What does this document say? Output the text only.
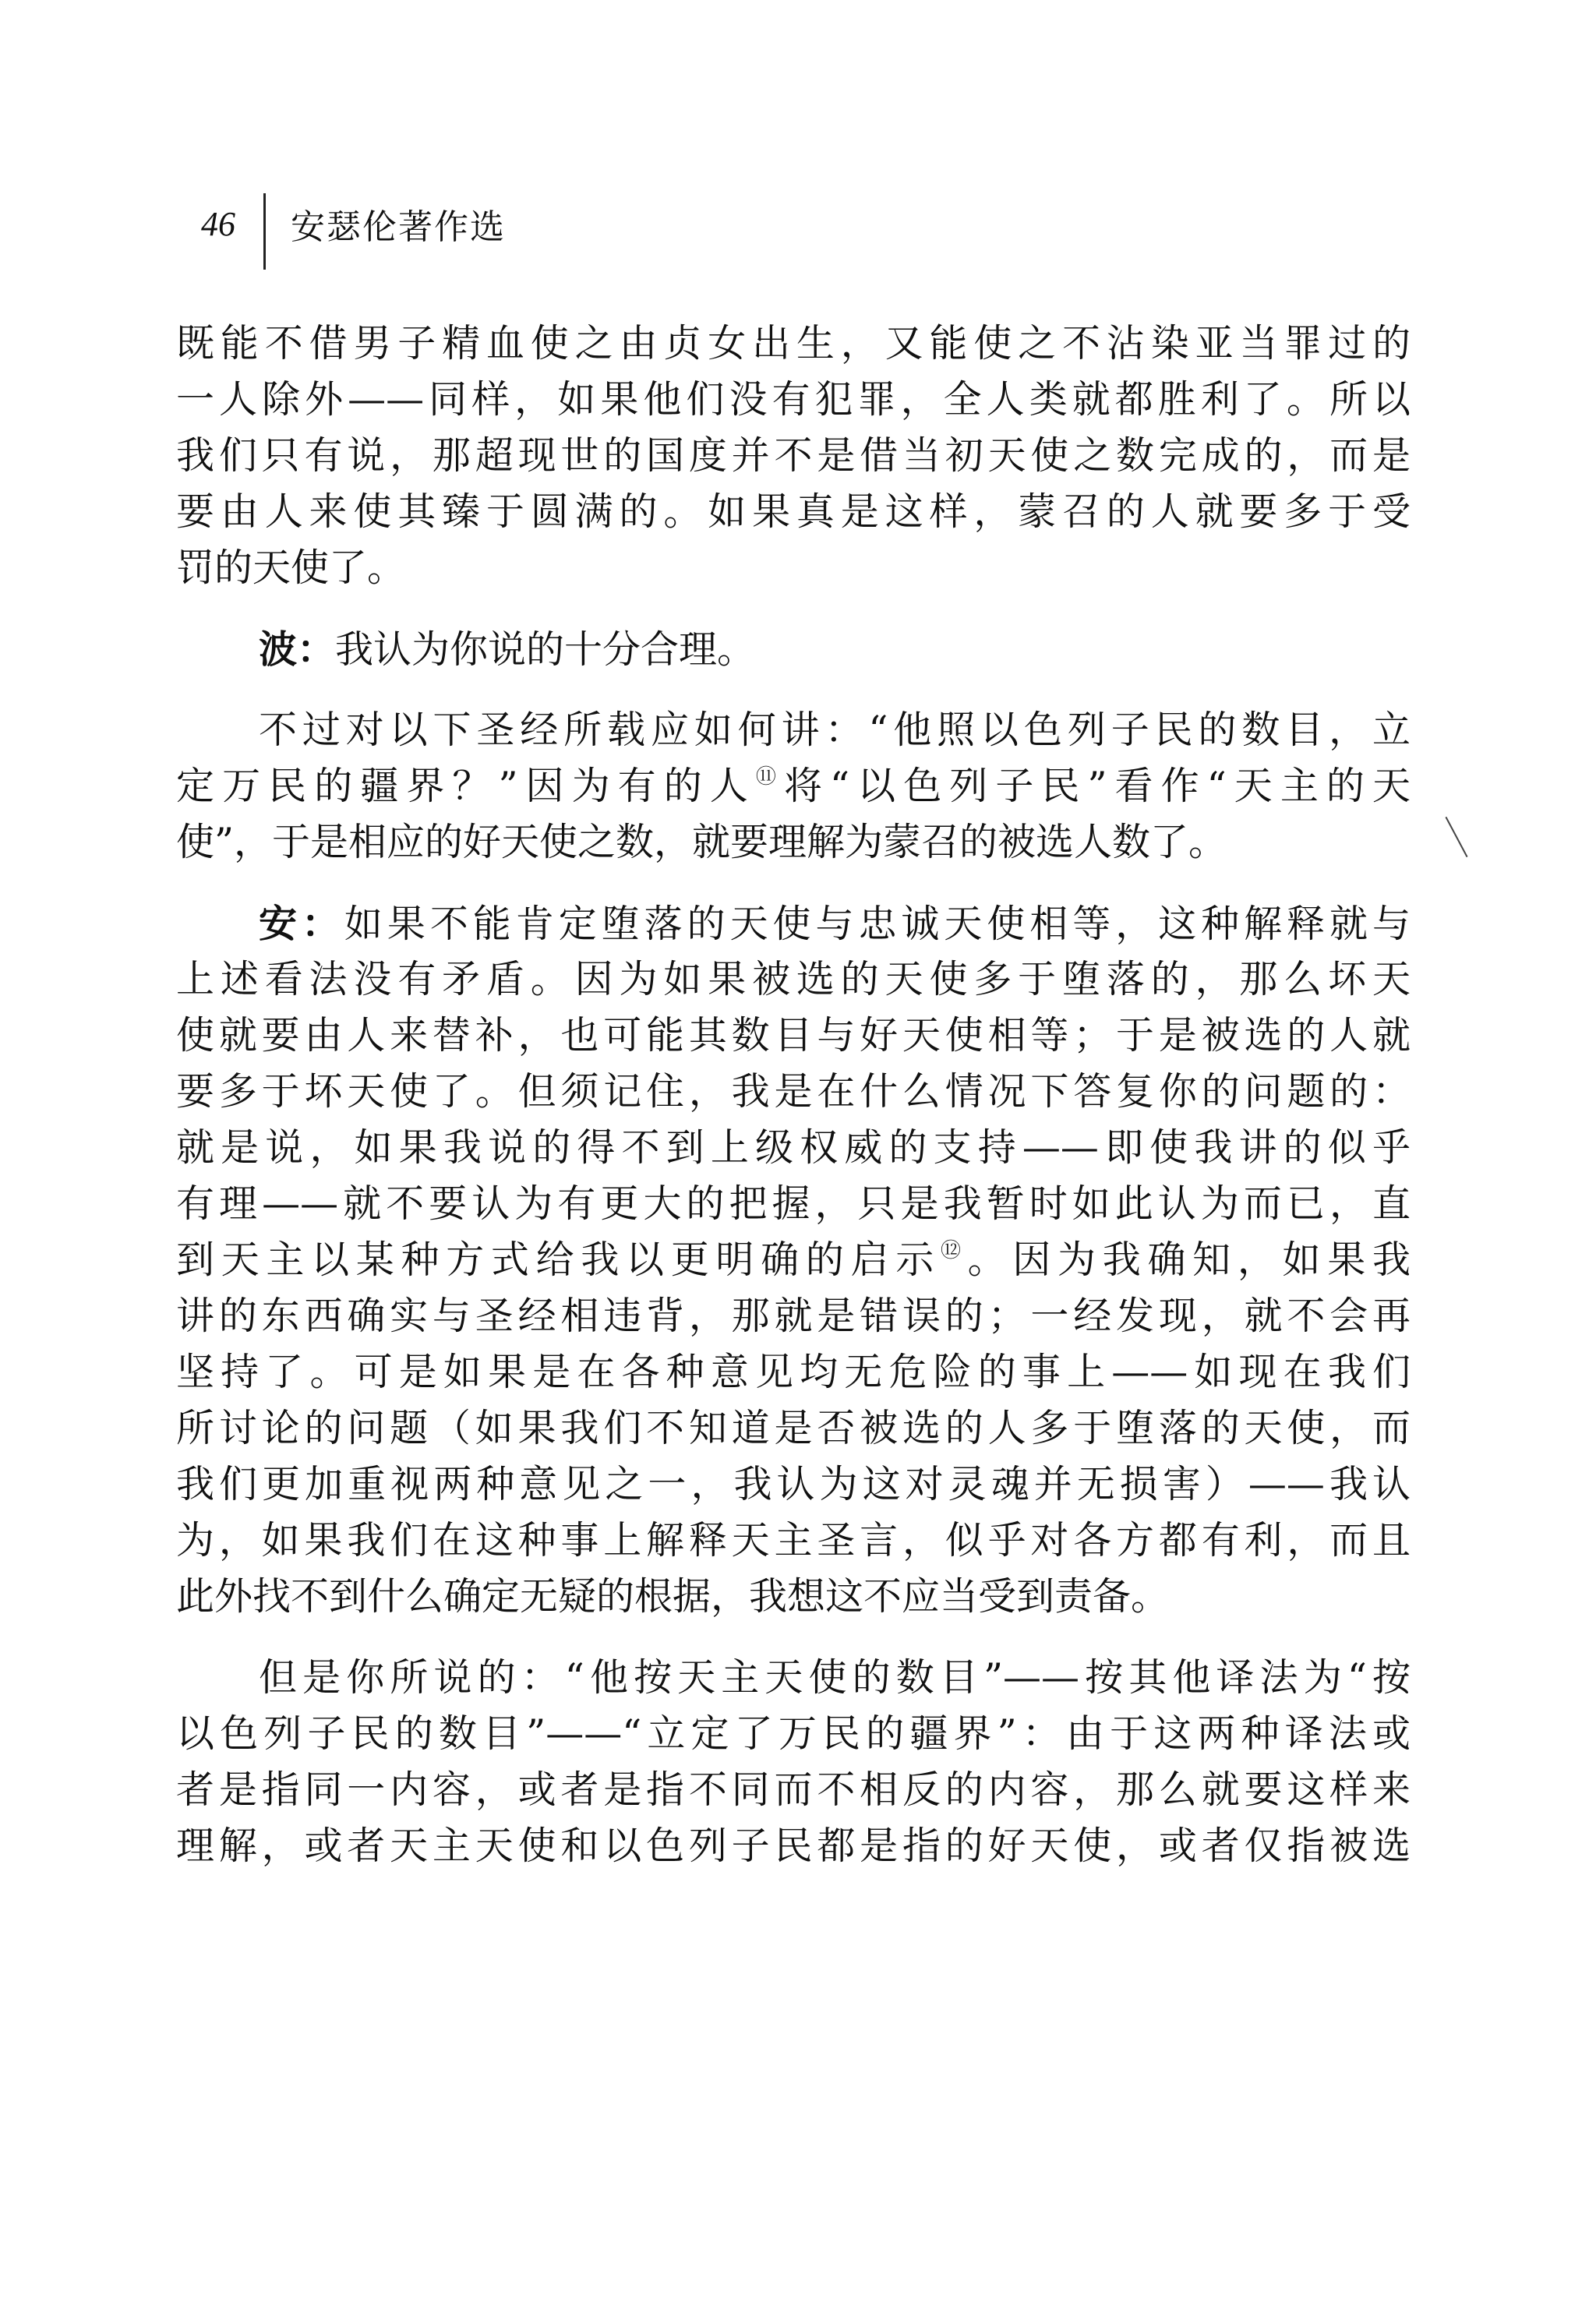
46	安瑟伦著作选
既能不借男子精血使之由贞女出生，又能使之不沾染亚当罪过的
一人除外——同样，如果他们没有犯罪，全人类就都胜利了。所以
我们只有说，那超现世的国度并不是借当初天使之数完成的，而是
要由人来使其臻于圆满的。如果真是这样，蒙召的人就要多于受
罚的天使了。
波：我认为你说的十分合理。
不过对以下圣经所载应如何讲：“他照以色列子民的数目，立
定万民的疆界？”因为有的人⑪将“以色列子民”看作“天主的天
使”，于是相应的好天使之数，就要理解为蒙召的被选人数了。
安：如果不能肯定堕落的天使与忠诚天使相等，这种解释就与
上述看法没有矛盾。因为如果被选的天使多于堕落的，那么坏天
使就要由人来替补，也可能其数目与好天使相等；于是被选的人就
要多于坏天使了。但须记住，我是在什么情况下答复你的问题的：
就是说，如果我说的得不到上级权威的支持——即使我讲的似乎
有理——就不要认为有更大的把握，只是我暂时如此认为而已，直
到天主以某种方式给我以更明确的启示⑫。因为我确知，如果我
讲的东西确实与圣经相违背，那就是错误的；一经发现，就不会再
坚持了。可是如果是在各种意见均无危险的事上——如现在我们
所讨论的问题（如果我们不知道是否被选的人多于堕落的天使，而
我们更加重视两种意见之一，我认为这对灵魂并无损害）——我认
为，如果我们在这种事上解释天主圣言，似乎对各方都有利，而且
此外找不到什么确定无疑的根据，我想这不应当受到责备。
但是你所说的：“他按天主天使的数目”——按其他译法为“按
以色列子民的数目”——“立定了万民的疆界”：由于这两种译法或
者是指同一内容，或者是指不同而不相反的内容，那么就要这样来
理解，或者天主天使和以色列子民都是指的好天使，或者仅指被选
